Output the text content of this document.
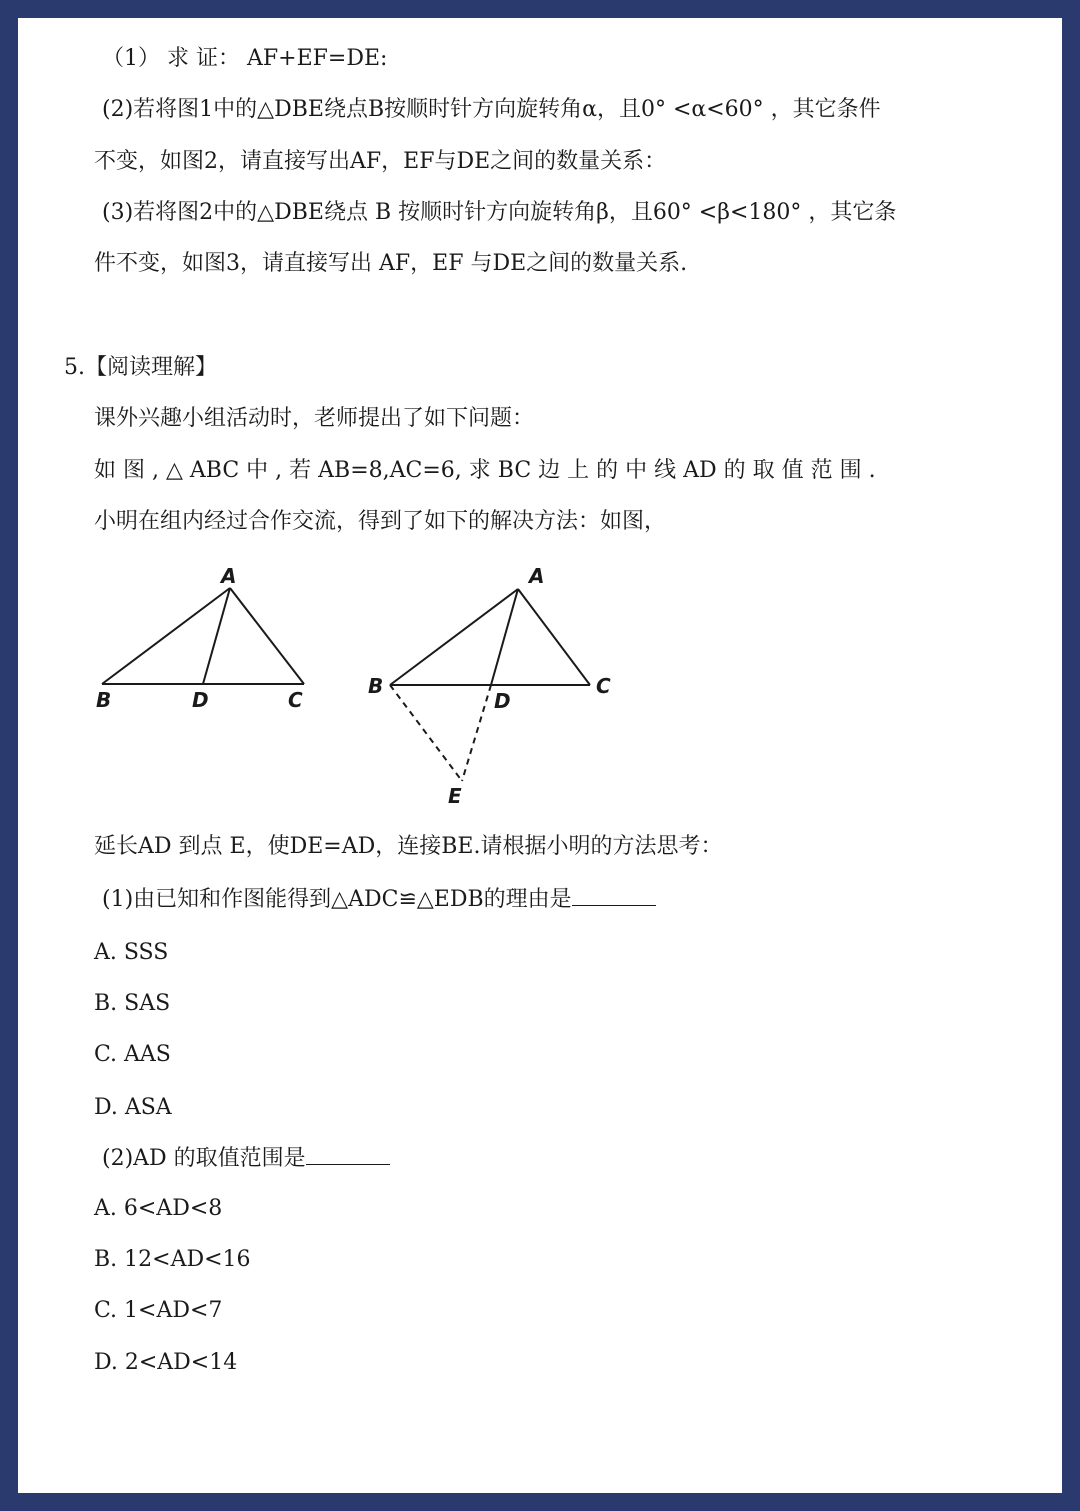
（1） 求 证： AF+EF=DE:
(2)若将图1中的△DBE绕点B按顺时针方向旋转角α，且0° <α<60° ，其它条件
不变，如图2，请直接写出AF，EF与DE之间的数量关系：
(3)若将图2中的△DBE绕点 B 按顺时针方向旋转角β，且60° <β<180° ，其它条
件不变，如图3，请直接写出 AF，EF 与DE之间的数量关系.
5.【阅读理解】
课外兴趣小组活动时，老师提出了如下问题：
如 图 , △ ABC 中 , 若 AB=8,AC=6, 求 BC 边 上 的 中 线 AD 的 取 值 范 围 .
小明在组内经过合作交流，得到了如下的解决方法：如图，
A
B	D	C
A
B
D
C
E
延长AD 到点 E，使DE=AD，连接BE.请根据小明的方法思考：
(1)由已知和作图能得到△ADC≌△EDB的理由是
A. SSS
B. SAS
C. AAS
D. ASA
(2)AD 的取值范围是
A. 6<AD<8
B. 12<AD<16
C. 1<AD<7
D. 2<AD<14
